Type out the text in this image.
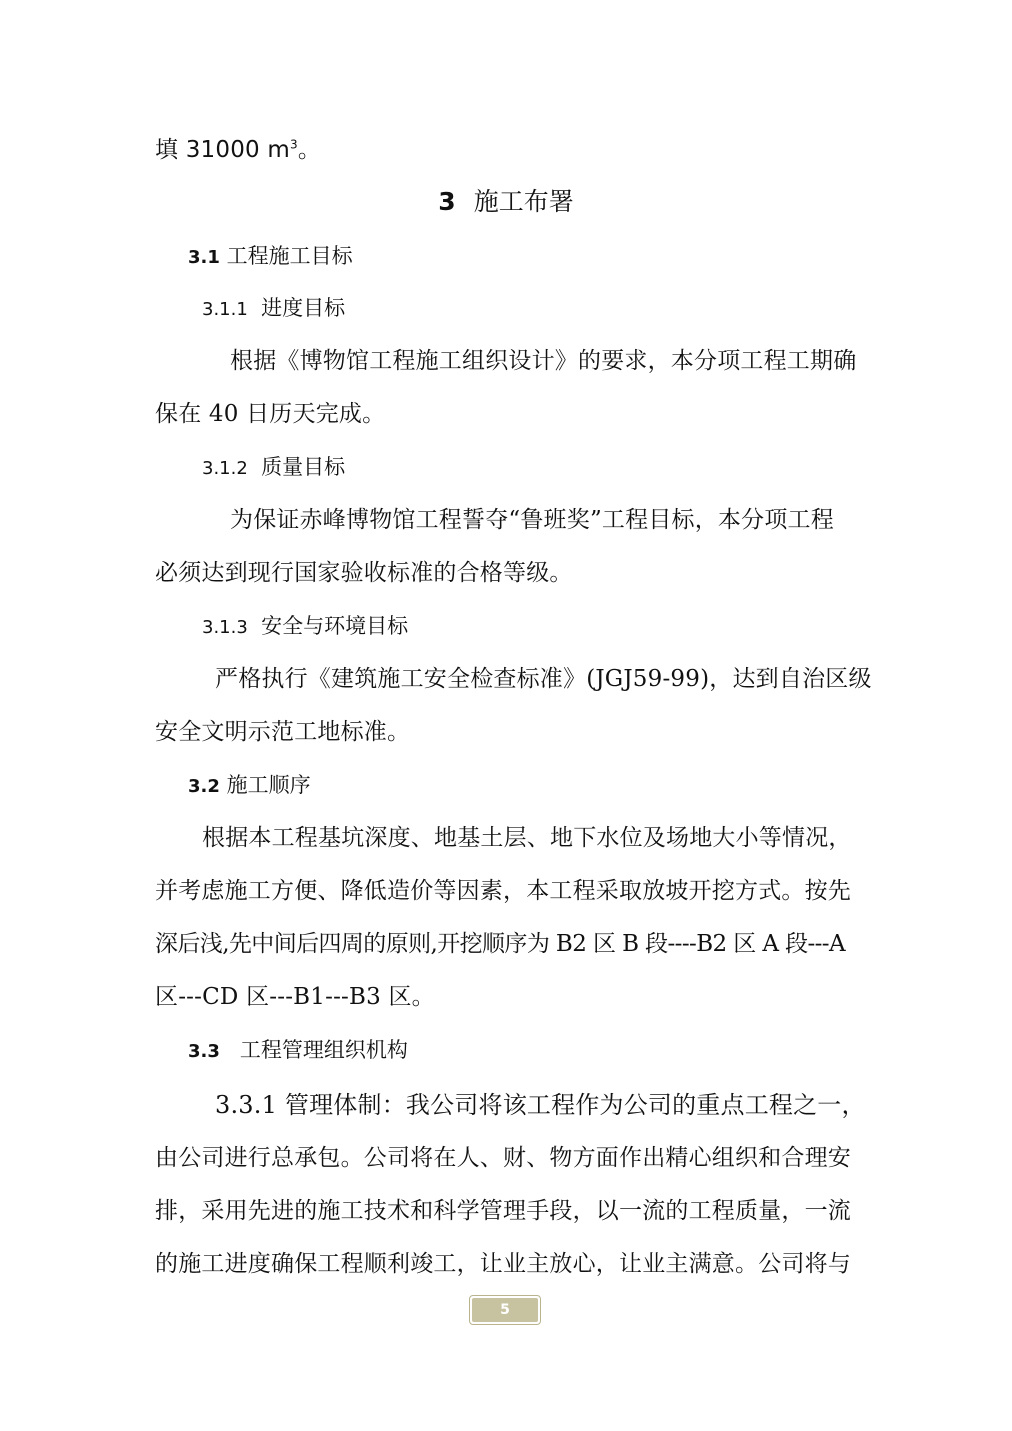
填 31000 $m^3$。
3 施工布署
3.1 工程施工目标
3.1.1 进度目标
根据《博物馆工程施工组织设计》的要求，本分项工程工期确
保在 40 日历天完成。
3.1.2 质量目标
为保证赤峰博物馆工程誓夺“鲁班奖”工程目标，本分项工程
必须达到现行国家验收标准的合格等级。
3.1.3 安全与环境目标
严格执行《建筑施工安全检查标准》(JGJ59-99)，达到自治区级
安全文明示范工地标准。
3.2 施工顺序
根据本工程基坑深度、地基土层、地下水位及场地大小等情况，
并考虑施工方便、降低造价等因素，本工程采取放坡开挖方式。按先
深后浅,先中间后四周的原则,开挖顺序为 B2 区 B 段----B2 区 A 段---A
区---CD 区---B1---B3 区。
3.3 工程管理组织机构
3.3.1 管理体制：我公司将该工程作为公司的重点工程之一，
由公司进行总承包。公司将在人、财、物方面作出精心组织和合理安
排，采用先进的施工技术和科学管理手段，以一流的工程质量，一流
的施工进度确保工程顺利竣工，让业主放心，让业主满意。公司将与
5
